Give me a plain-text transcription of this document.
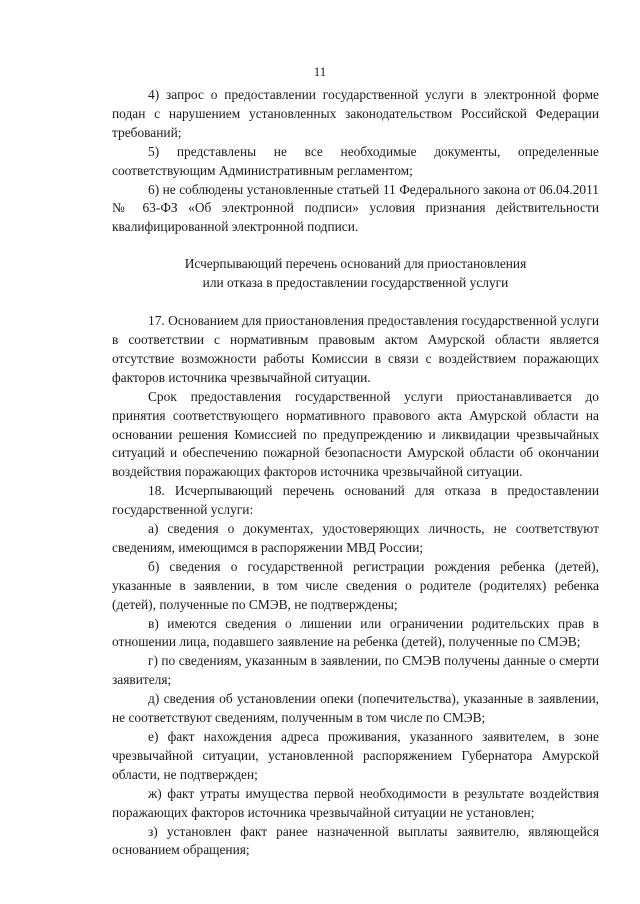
11

4) запрос о предоставлении государственной услуги в электронной форме подан с нарушением установленных законодательством Российской Федерации требований;

5) представлены не все необходимые документы, определенные соответствующим Административным регламентом;

6) не соблюдены установленные статьей 11 Федерального закона от 06.04.2011 № 63-ФЗ «Об электронной подписи» условия признания действительности квалифицированной электронной подписи.

Исчерпывающий перечень оснований для приостановления
или отказа в предоставлении государственной услуги

17. Основанием для приостановления предоставления государственной услуги в соответствии с нормативным правовым актом Амурской области является отсутствие возможности работы Комиссии в связи с воздействием поражающих факторов источника чрезвычайной ситуации.

Срок предоставления государственной услуги приостанавливается до принятия соответствующего нормативного правового акта Амурской области на основании решения Комиссией по предупреждению и ликвидации чрезвычайных ситуаций и обеспечению пожарной безопасности Амурской области об окончании воздействия поражающих факторов источника чрезвычайной ситуации.

18. Исчерпывающий перечень оснований для отказа в предоставлении государственной услуги:

а) сведения о документах, удостоверяющих личность, не соответствуют сведениям, имеющимся в распоряжении МВД России;

б) сведения о государственной регистрации рождения ребенка (детей), указанные в заявлении, в том числе сведения о родителе (родителях) ребенка (детей), полученные по СМЭВ, не подтверждены;

в) имеются сведения о лишении или ограничении родительских прав в отношении лица, подавшего заявление на ребенка (детей), полученные по СМЭВ;

г) по сведениям, указанным в заявлении, по СМЭВ получены данные о смерти заявителя;

д) сведения об установлении опеки (попечительства), указанные в заявлении, не соответствуют сведениям, полученным в том числе по СМЭВ;

е) факт нахождения адреса проживания, указанного заявителем, в зоне чрезвычайной ситуации, установленной распоряжением Губернатора Амурской области, не подтвержден;

ж) факт утраты имущества первой необходимости в результате воздействия поражающих факторов источника чрезвычайной ситуации не установлен;

з) установлен факт ранее назначенной выплаты заявителю, являющейся основанием обращения;
